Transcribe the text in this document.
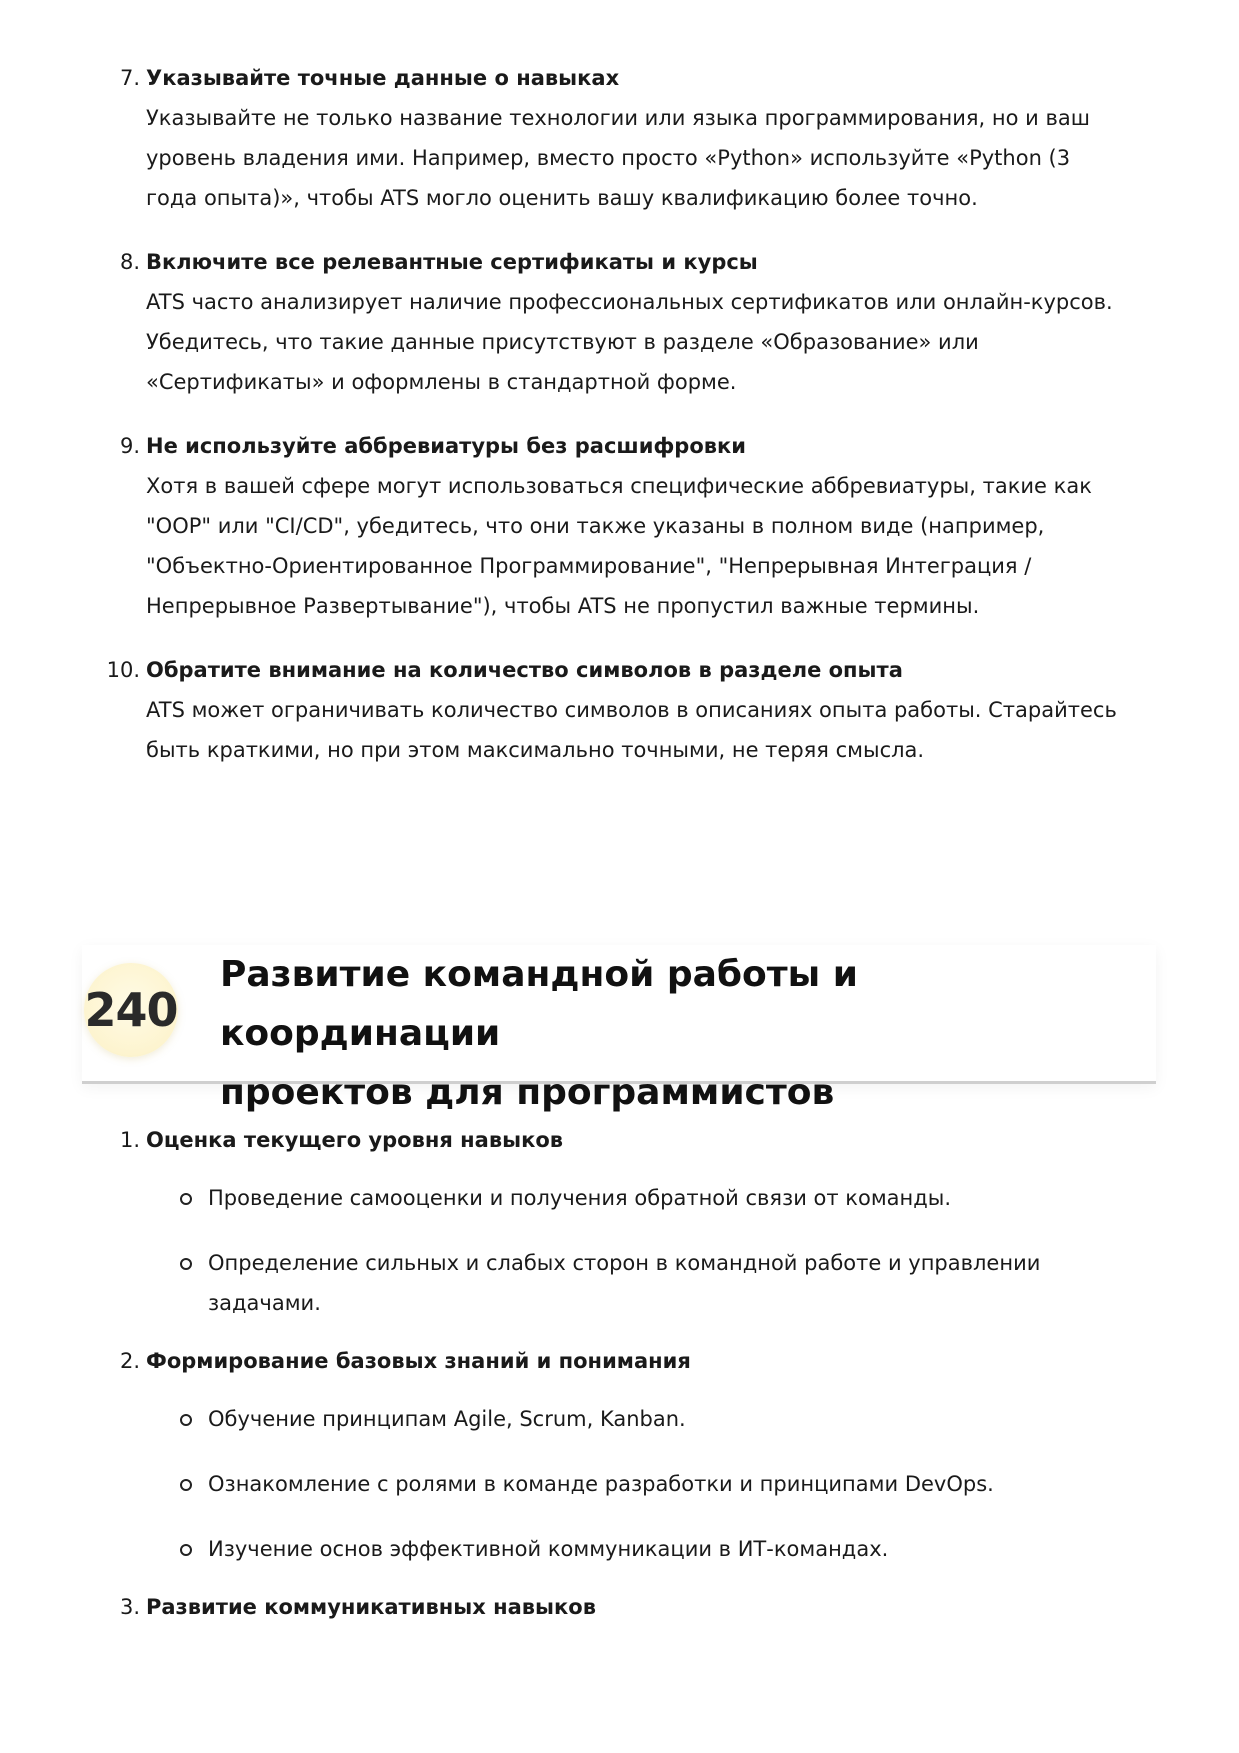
7. Указывайте точные данные о навыках

Указывайте не только название технологии или языка программирования, но и ваш

уровень владения ими. Например, вместо просто «Python» используйте «Python (3

года опыта)», чтобы ATS могло оценить вашу квалификацию более точно.

8. Включите все релевантные сертификаты и курсы

ATS часто анализирует наличие профессиональных сертификатов или онлайн-курсов.

Убедитесь, что такие данные присутствуют в разделе «Образование» или

«Сертификаты» и оформлены в стандартной форме.

9. Не используйте аббревиатуры без расшифровки

Хотя в вашей сфере могут использоваться специфические аббревиатуры, такие как

"OOP" или "CI/CD", убедитесь, что они также указаны в полном виде (например,

"Объектно-Ориентированное Программирование", "Непрерывная Интеграция /

Непрерывное Развертывание"), чтобы ATS не пропустил важные термины.

10. Обратите внимание на количество символов в разделе опыта

ATS может ограничивать количество символов в описаниях опыта работы. Старайтесь

быть краткими, но при этом максимально точными, не теряя смысла.

240
Развитие командной работы и координации
проектов для программистов
1. Оценка текущего уровня навыков

Проведение самооценки и получения обратной связи от команды.
Определение сильных и слабых сторон в командной работе и управлении
задачами.
2. Формирование базовых знаний и понимания

Обучение принципам Agile, Scrum, Kanban.
Ознакомление с ролями в команде разработки и принципами DevOps.
Изучение основ эффективной коммуникации в ИТ-командах.
3. Развитие коммуникативных навыков
